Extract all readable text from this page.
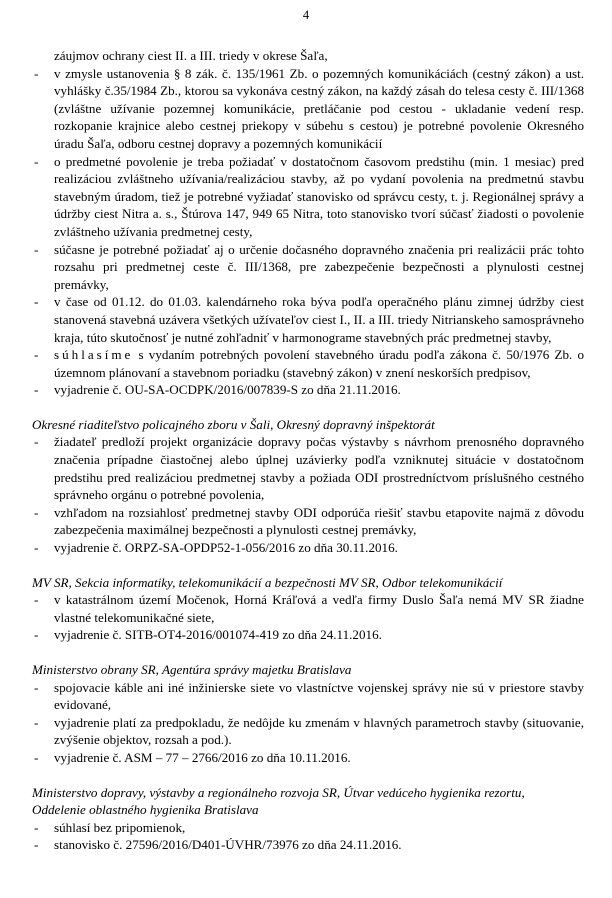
4
záujmov ochrany ciest II. a III. triedy v okrese Šaľa,
- v zmysle ustanovenia § 8 zák. č. 135/1961 Zb. o pozemných komunikáciách (cestný zákon) a ust. vyhlášky č.35/1984 Zb., ktorou sa vykonáva cestný zákon, na každý zásah do telesa cesty č. III/1368 (zvláštne užívanie pozemnej komunikácie, pretláčanie pod cestou - ukladanie vedení resp. rozkopanie krajnice alebo cestnej priekopy v súbehu s cestou) je potrebné povolenie Okresného úradu Šaľa, odboru cestnej dopravy a pozemných komunikácií
- o predmetné povolenie je treba požiadať v dostatočnom časovom predstihu (min. 1 mesiac) pred realizáciou zvláštneho užívania/realizáciou stavby, až po vydaní povolenia na predmetnú stavbu stavebným úradom, tiež je potrebné vyžiadať stanovisko od správcu cesty, t. j. Regionálnej správy a údržby ciest Nitra a. s., Štúrova 147, 949 65 Nitra, toto stanovisko tvorí súčasť žiadosti o povolenie zvláštneho užívania predmetnej cesty,
- súčasne je potrebné požiadať aj o určenie dočasného dopravného značenia pri realizácii prác tohto rozsahu pri predmetnej ceste č. III/1368, pre zabezpečenie bezpečnosti a plynulosti cestnej premávky,
- v čase od 01.12. do 01.03. kalendárneho roka býva podľa operačného plánu zimnej údržby ciest stanovená stavebná uzávera všetkých užívateľov ciest I., II. a III. triedy Nitrianskeho samosprávneho kraja, túto skutočnosť je nutné zohľadniť v harmonograme stavebných prác predmetnej stavby,
- súhlasíme s vydaním potrebných povolení stavebného úradu podľa zákona č. 50/1976 Zb. o územnom plánovaní a stavebnom poriadku (stavebný zákon) v znení neskorších predpisov,
- vyjadrenie č. OU-SA-OCDPK/2016/007839-S zo dňa 21.11.2016.
Okresné riaditeľstvo policajného zboru v Šali, Okresný dopravný inšpektorát
- žiadateľ predloží projekt organizácie dopravy počas výstavby s návrhom prenosného dopravného značenia prípadne čiastočnej alebo úplnej uzávierky podľa vzniknutej situácie v dostatočnom predstihu pred realizáciou predmetnej stavby a požiada ODI prostredníctvom príslušného cestného správneho orgánu o potrebné povolenia,
- vzhľadom na rozsiahlosť predmetnej stavby ODI odporúča riešiť stavbu etapovite najmä z dôvodu zabezpečenia maximálnej bezpečnosti a plynulosti cestnej premávky,
- vyjadrenie č. ORPZ-SA-OPDP52-1-056/2016 zo dňa 30.11.2016.
MV SR, Sekcia informatiky, telekomunikácií a bezpečnosti MV SR, Odbor telekomunikácií
- v katastrálnom území Močenok, Horná Kráľová a vedľa firmy Duslo Šaľa nemá MV SR žiadne vlastné telekomunikačné siete,
- vyjadrenie č. SITB-OT4-2016/001074-419 zo dňa 24.11.2016.
Ministerstvo obrany SR, Agentúra správy majetku Bratislava
- spojovacie káble ani iné inžinierske siete vo vlastníctve vojenskej správy nie sú v priestore stavby evidované,
- vyjadrenie platí za predpokladu, že nedôjde ku zmenám v hlavných parametroch stavby (situovanie, zvýšenie objektov, rozsah a pod.).
- vyjadrenie č. ASM – 77 – 2766/2016 zo dňa 10.11.2016.
Ministerstvo dopravy, výstavby a regionálneho rozvoja SR, Útvar vedúceho hygienika rezortu,
Oddelenie oblastného hygienika Bratislava
- súhlasí bez pripomienok,
- stanovisko č. 27596/2016/D401-ÚVHR/73976 zo dňa 24.11.2016.
